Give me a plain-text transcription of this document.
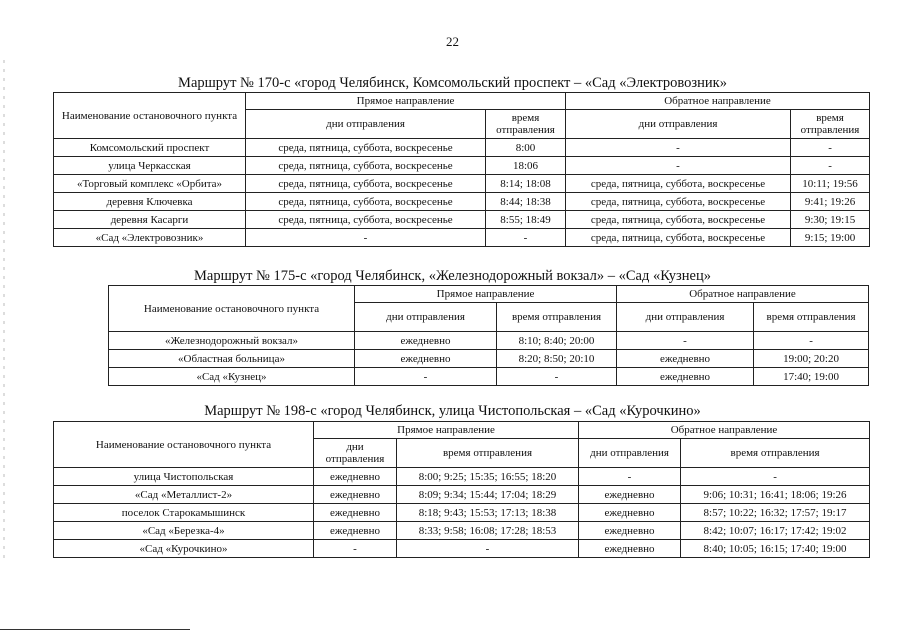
22
Маршрут № 170-с «город Челябинск, Комсомольский проспект – «Сад «Электровозник»
Наименование остановочного пункта	Прямое направление		Обратное направление	
	дни отправления	время отправления	дни отправления	время отправления
Комсомольский проспект	среда, пятница, суббота, воскресенье	8:00	-	-
улица Черкасская	среда, пятница, суббота, воскресенье	18:06	-	-
«Торговый комплекс «Орбита»	среда, пятница, суббота, воскресенье	8:14; 18:08	среда, пятница, суббота, воскресенье	10:11; 19:56
деревня Ключевка	среда, пятница, суббота, воскресенье	8:44; 18:38	среда, пятница, суббота, воскресенье	9:41; 19:26
деревня Касарги	среда, пятница, суббота, воскресенье	8:55; 18:49	среда, пятница, суббота, воскресенье	9:30; 19:15
«Сад «Электровозник»	-	-	среда, пятница, суббота, воскресенье	9:15; 19:00
Маршрут № 175-с «город Челябинск, «Железнодорожный вокзал» – «Сад «Кузнец»
Наименование остановочного пункта	Прямое направление		Обратное направление	
	дни отправления	время отправления	дни отправления	время отправления
«Железнодорожный вокзал»	ежедневно	8:10; 8:40; 20:00	-	-
«Областная больница»	ежедневно	8:20; 8:50; 20:10	ежедневно	19:00; 20:20
«Сад «Кузнец»	-	-	ежедневно	17:40; 19:00
Маршрут № 198-с «город Челябинск, улица Чистопольская – «Сад «Курочкино»
Наименование остановочного пункта	Прямое направление		Обратное направление	
	дни отправления	время отправления	дни отправления	время отправления
улица Чистопольская	ежедневно	8:00; 9:25; 15:35; 16:55; 18:20	-	-
«Сад «Металлист-2»	ежедневно	8:09; 9:34; 15:44; 17:04; 18:29	ежедневно	9:06; 10:31; 16:41; 18:06; 19:26
поселок Старокамышинск	ежедневно	8:18; 9:43; 15:53; 17:13; 18:38	ежедневно	8:57; 10:22; 16:32; 17:57; 19:17
«Сад «Березка-4»	ежедневно	8:33; 9:58; 16:08; 17:28; 18:53	ежедневно	8:42; 10:07; 16:17; 17:42; 19:02
«Сад «Курочкино»	-	-	ежедневно	8:40; 10:05; 16:15; 17:40; 19:00
